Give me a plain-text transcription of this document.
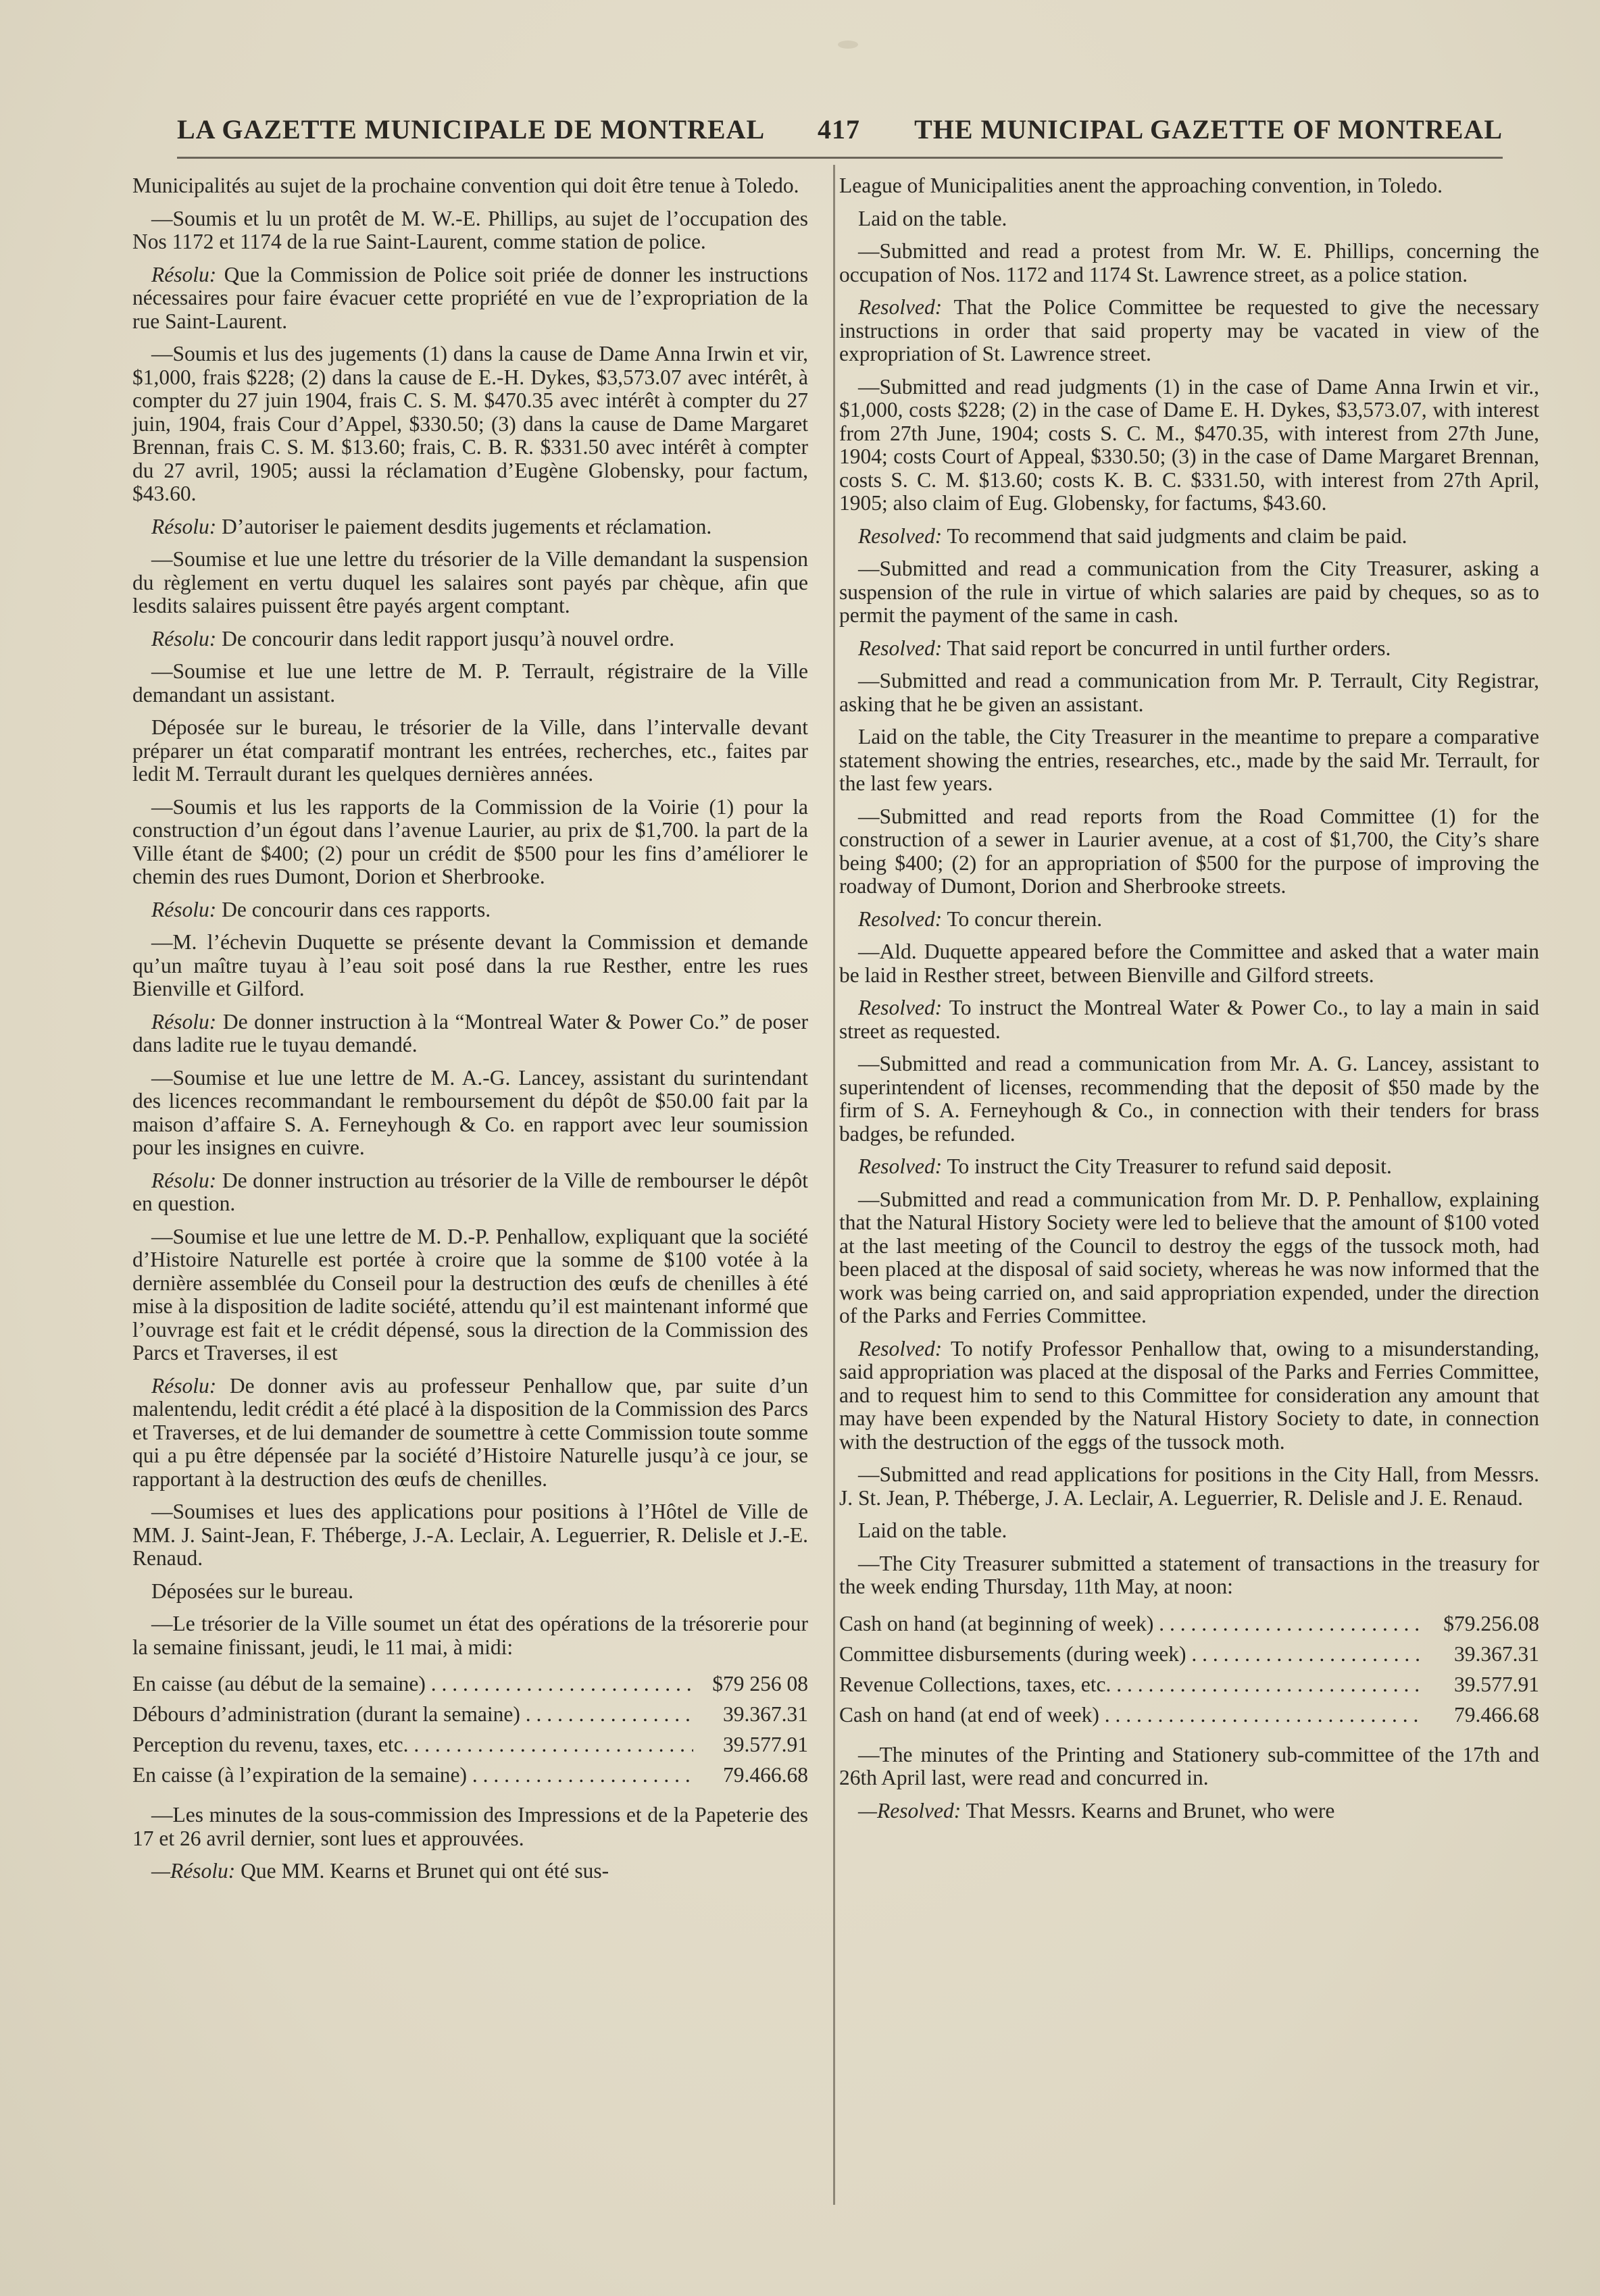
LA GAZETTE MUNICIPALE DE MONTREAL 417 THE MUNICIPAL GAZETTE OF MONTREAL

Municipalités au sujet de la prochaine convention qui doit être tenue à Toledo.

—Soumis et lu un protêt de M. W.-E. Phillips, au sujet de l’occupation des Nos 1172 et 1174 de la rue Saint-Laurent, comme station de police.

Résolu: Que la Commission de Police soit priée de donner les instructions nécessaires pour faire évacuer cette propriété en vue de l’expropriation de la rue Saint-Laurent.

—Soumis et lus des jugements (1) dans la cause de Dame Anna Irwin et vir, $1,000, frais $228; (2) dans la cause de E.-H. Dykes, $3,573.07 avec intérêt, à compter du 27 juin 1904, frais C. S. M. $470.35 avec intérêt à compter du 27 juin, 1904, frais Cour d’Appel, $330.50; (3) dans la cause de Dame Margaret Brennan, frais C. S. M. $13.60; frais, C. B. R. $331.50 avec intérêt à compter du 27 avril, 1905; aussi la réclamation d’Eugène Globensky, pour factum, $43.60.

Résolu: D’autoriser le paiement desdits jugements et réclamation.

—Soumise et lue une lettre du trésorier de la Ville demandant la suspension du règlement en vertu duquel les salaires sont payés par chèque, afin que lesdits salaires puissent être payés argent comptant.

Résolu: De concourir dans ledit rapport jusqu’à nouvel ordre.

—Soumise et lue une lettre de M. P. Terrault, régistraire de la Ville demandant un assistant.

Déposée sur le bureau, le trésorier de la Ville, dans l’intervalle devant préparer un état comparatif montrant les entrées, recherches, etc., faites par ledit M. Terrault durant les quelques dernières années.

—Soumis et lus les rapports de la Commission de la Voirie (1) pour la construction d’un égout dans l’avenue Laurier, au prix de $1,700. la part de la Ville étant de $400; (2) pour un crédit de $500 pour les fins d’améliorer le chemin des rues Dumont, Dorion et Sherbrooke.

Résolu: De concourir dans ces rapports.

—M. l’échevin Duquette se présente devant la Commission et demande qu’un maître tuyau à l’eau soit posé dans la rue Resther, entre les rues Bienville et Gilford.

Résolu: De donner instruction à la “Montreal Water & Power Co.” de poser dans ladite rue le tuyau demandé.

—Soumise et lue une lettre de M. A.-G. Lancey, assistant du surintendant des licences recommandant le remboursement du dépôt de $50.00 fait par la maison d’affaire S. A. Ferneyhough & Co. en rapport avec leur soumission pour les insignes en cuivre.

Résolu: De donner instruction au trésorier de la Ville de rembourser le dépôt en question.

—Soumise et lue une lettre de M. D.-P. Penhallow, expliquant que la société d’Histoire Naturelle est portée à croire que la somme de $100 votée à la dernière assemblée du Conseil pour la destruction des œufs de chenilles à été mise à la disposition de ladite société, attendu qu’il est maintenant informé que l’ouvrage est fait et le crédit dépensé, sous la direction de la Commission des Parcs et Traverses, il est

Résolu: De donner avis au professeur Penhallow que, par suite d’un malentendu, ledit crédit a été placé à la disposition de la Commission des Parcs et Traverses, et de lui demander de soumettre à cette Commission toute somme qui a pu être dépensée par la société d’Histoire Naturelle jusqu’à ce jour, se rapportant à la destruction des œufs de chenilles.

—Soumises et lues des applications pour positions à l’Hôtel de Ville de MM. J. Saint-Jean, F. Théberge, J.-A. Leclair, A. Leguerrier, R. Delisle et J.-E. Renaud.

Déposées sur le bureau.

—Le trésorier de la Ville soumet un état des opérations de la trésorerie pour la semaine finissant, jeudi, le 11 mai, à midi:

En caisse (au début de la semaine) . . .	$79 256 08
Débours d’administration (durant la semaine) . . .	39.367.31
Perception du revenu, taxes, etc. . . .	39.577.91
En caisse (à l’expiration de la semaine) . . .	79.466.68

—Les minutes de la sous-commission des Impressions et de la Papeterie des 17 et 26 avril dernier, sont lues et approuvées.

—Résolu: Que MM. Kearns et Brunet qui ont été sus-

League of Municipalities anent the approaching convention, in Toledo.

Laid on the table.

—Submitted and read a protest from Mr. W. E. Phillips, concerning the occupation of Nos. 1172 and 1174 St. Lawrence street, as a police station.

Resolved: That the Police Committee be requested to give the necessary instructions in order that said property may be vacated in view of the expropriation of St. Lawrence street.

—Submitted and read judgments (1) in the case of Dame Anna Irwin et vir., $1,000, costs $228; (2) in the case of Dame E. H. Dykes, $3,573.07, with interest from 27th June, 1904; costs S. C. M., $470.35, with interest from 27th June, 1904; costs Court of Appeal, $330.50; (3) in the case of Dame Margaret Brennan, costs S. C. M. $13.60; costs K. B. C. $331.50, with interest from 27th April, 1905; also claim of Eug. Globensky, for factums, $43.60.

Resolved: To recommend that said judgments and claim be paid.

—Submitted and read a communication from the City Treasurer, asking a suspension of the rule in virtue of which salaries are paid by cheques, so as to permit the payment of the same in cash.

Resolved: That said report be concurred in until further orders.

—Submitted and read a communication from Mr. P. Terrault, City Registrar, asking that he be given an assistant.

Laid on the table, the City Treasurer in the meantime to prepare a comparative statement showing the entries, researches, etc., made by the said Mr. Terrault, for the last few years.

—Submitted and read reports from the Road Committee (1) for the construction of a sewer in Laurier avenue, at a cost of $1,700, the City’s share being $400; (2) for an appropriation of $500 for the purpose of improving the roadway of Dumont, Dorion and Sherbrooke streets.

Resolved: To concur therein.

—Ald. Duquette appeared before the Committee and asked that a water main be laid in Resther street, between Bienville and Gilford streets.

Resolved: To instruct the Montreal Water & Power Co., to lay a main in said street as requested.

—Submitted and read a communication from Mr. A. G. Lancey, assistant to superintendent of licenses, recommending that the deposit of $50 made by the firm of S. A. Ferneyhough & Co., in connection with their tenders for brass badges, be refunded.

Resolved: To instruct the City Treasurer to refund said deposit.

—Submitted and read a communication from Mr. D. P. Penhallow, explaining that the Natural History Society were led to believe that the amount of $100 voted at the last meeting of the Council to destroy the eggs of the tussock moth, had been placed at the disposal of said society, whereas he was now informed that the work was being carried on, and said appropriation expended, under the direction of the Parks and Ferries Committee.

Resolved: To notify Professor Penhallow that, owing to a misunderstanding, said appropriation was placed at the disposal of the Parks and Ferries Committee, and to request him to send to this Committee for consideration any amount that may have been expended by the Natural History Society to date, in connection with the destruction of the eggs of the tussock moth.

—Submitted and read applications for positions in the City Hall, from Messrs. J. St. Jean, P. Théberge, J. A. Leclair, A. Leguerrier, R. Delisle and J. E. Renaud.

Laid on the table.

—The City Treasurer submitted a statement of transactions in the treasury for the week ending Thursday, 11th May, at noon:

Cash on hand (at beginning of week) . . .	$79.256.08
Committee disbursements (during week) . . .	39.367.31
Revenue Collections, taxes, etc. . . .	39.577.91
Cash on hand (at end of week) . . .	79.466.68

—The minutes of the Printing and Stationery sub-committee of the 17th and 26th April last, were read and concurred in.

—Resolved: That Messrs. Kearns and Brunet, who were
